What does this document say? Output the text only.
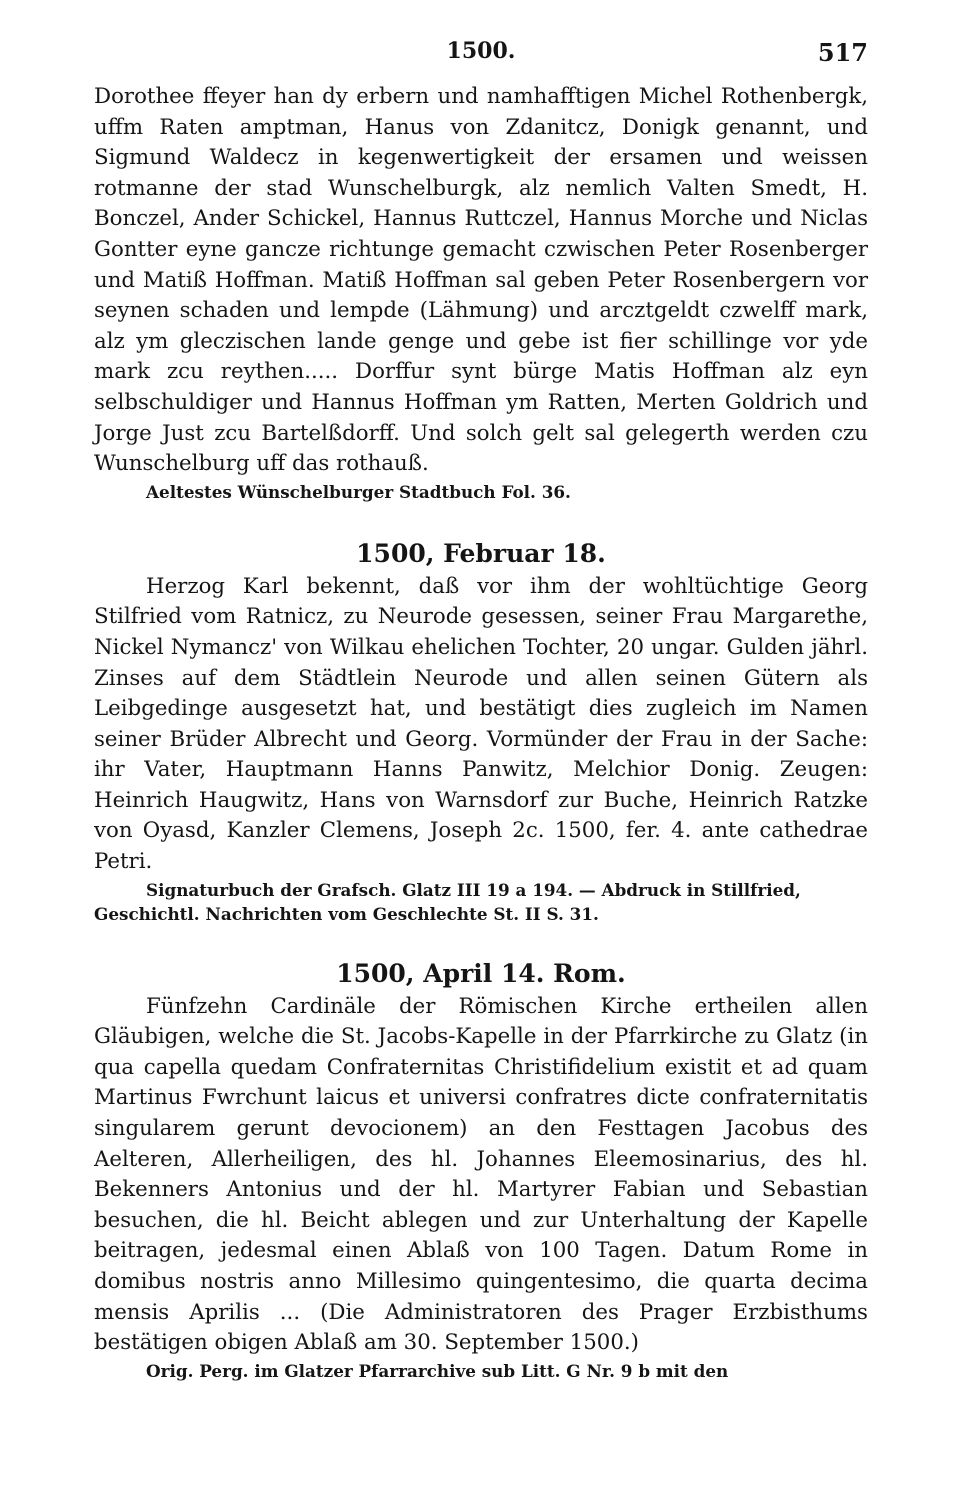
1500.	517

Dorothee ffeyer han dy erbern und namhafftigen Michel Rothenbergk, uffm Raten amptman, Hanus von Zdanitcz, Donigk genannt, und Sigmund Waldecz in kegenwertigkeit der ersamen und weissen rotmanne der stad Wunschelburgk, alz nemlich Valten Smedt, H. Bonczel, Ander Schickel, Hannus Ruttczel, Hannus Morche und Niclas Gontter eyne gancze richtunge gemacht czwischen Peter Rosenberger und Matiß Hoffman. Matiß Hoffman sal geben Peter Rosenbergern vor seynen schaden und lempde (Lähmung) und arcztgeldt czwelff mark, alz ym gleczischen lande genge und gebe ist fier schillinge vor yde mark zcu reythen..... Dorffur synt bürge Matis Hoffman alz eyn selbschuldiger und Hannus Hoffman ym Ratten, Merten Goldrich und Jorge Just zcu Bartelßdorff. Und solch gelt sal gelegerth werden czu Wunschelburg uff das rothauß.

Aeltestes Wünschelburger Stadtbuch Fol. 36.

1500, Februar 18.

Herzog Karl bekennt, daß vor ihm der wohltüchtige Georg Stilfried vom Ratnicz, zu Neurode gesessen, seiner Frau Margarethe, Nickel Nymancz' von Wilkau ehelichen Tochter, 20 ungar. Gulden jährl. Zinses auf dem Städtlein Neurode und allen seinen Gütern als Leibgedinge ausgesetzt hat, und bestätigt dies zugleich im Namen seiner Brüder Albrecht und Georg. Vormünder der Frau in der Sache: ihr Vater, Hauptmann Hanns Panwitz, Melchior Donig. Zeugen: Heinrich Haugwitz, Hans von Warnsdorf zur Buche, Heinrich Ratzke von Oyasd, Kanzler Clemens, Joseph 2c. 1500, fer. 4. ante cathedrae Petri.

Signaturbuch der Grafsch. Glatz III 19 a 194. — Abdruck in Stillfried, Geschichtl. Nachrichten vom Geschlechte St. II S. 31.

1500, April 14. Rom.

Fünfzehn Cardinäle der Römischen Kirche ertheilen allen Gläubigen, welche die St. Jacobs-Kapelle in der Pfarrkirche zu Glatz (in qua capella quedam Confraternitas Christifidelium existit et ad quam Martinus Fwrchunt laicus et universi confratres dicte confraternitatis singularem gerunt devocionem) an den Festtagen Jacobus des Aelteren, Allerheiligen, des hl. Johannes Eleemosinarius, des hl. Bekenners Antonius und der hl. Martyrer Fabian und Sebastian besuchen, die hl. Beicht ablegen und zur Unterhaltung der Kapelle beitragen, jedesmal einen Ablaß von 100 Tagen. Datum Rome in domibus nostris anno Millesimo quingentesimo, die quarta decima mensis Aprilis ... (Die Administratoren des Prager Erzbisthums bestätigen obigen Ablaß am 30. September 1500.)

Orig. Perg. im Glatzer Pfarrarchive sub Litt. G Nr. 9 b mit den
